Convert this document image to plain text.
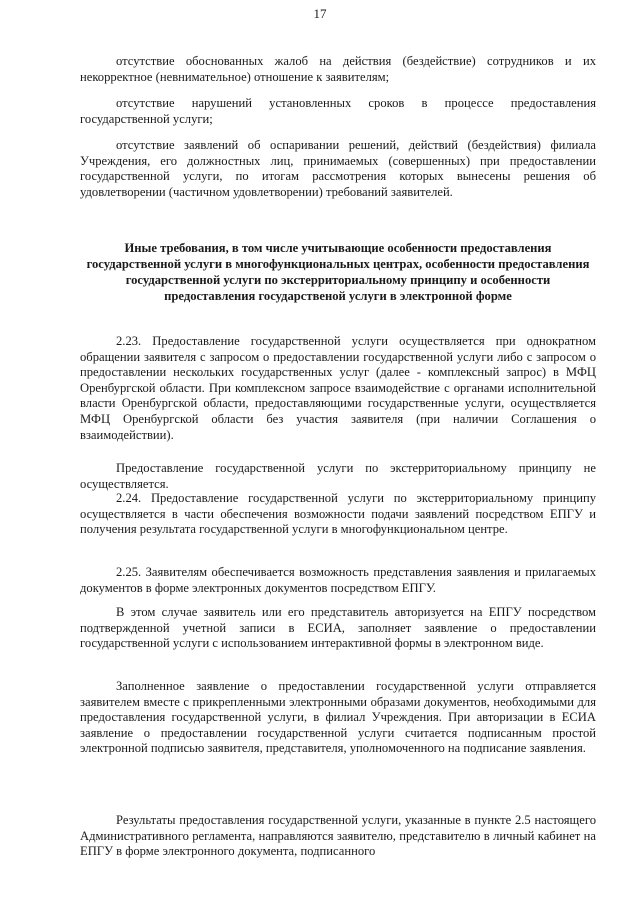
17

отсутствие обоснованных жалоб на действия (бездействие) сотрудников и их некорректное (невнимательное) отношение к заявителям;

отсутствие нарушений установленных сроков в процессе предоставления государственной услуги;

отсутствие заявлений об оспаривании решений, действий (бездействия) филиала Учреждения, его должностных лиц, принимаемых (совершенных) при предоставлении государственной услуги, по итогам рассмотрения которых вынесены решения об удовлетворении (частичном удовлетворении) требований заявителей.

Иные требования, в том числе учитывающие особенности предоставления государственной услуги в многофункциональных центрах, особенности предоставления государственной услуги по экстерриториальному принципу и особенности предоставления государственой услуги в электронной форме

2.23. Предоставление государственной услуги осуществляется при однократном обращении заявителя с запросом о предоставлении государственной услуги либо с запросом о предоставлении нескольких государственных услуг (далее - комплексный запрос) в МФЦ Оренбургской области. При комплексном запросе взаимодействие с органами исполнительной власти Оренбургской области, предоставляющими государственные услуги, осуществляется МФЦ Оренбургской области без участия заявителя (при наличии Соглашения о взаимодействии).

Предоставление государственной услуги по экстерриториальному принципу не осуществляется.

2.24. Предоставление государственной услуги по экстерриториальному принципу осуществляется в части обеспечения возможности подачи заявлений посредством ЕПГУ и получения результата государственной услуги в многофункциональном центре.

2.25. Заявителям обеспечивается возможность представления заявления и прилагаемых документов в форме электронных документов посредством ЕПГУ.

В этом случае заявитель или его представитель авторизуется на ЕПГУ посредством подтвержденной учетной записи в ЕСИА, заполняет заявление о предоставлении государственной услуги с использованием интерактивной формы в электронном виде.

Заполненное заявление о предоставлении государственной услуги отправляется заявителем вместе с прикрепленными электронными образами документов, необходимыми для предоставления государственной услуги, в филиал Учреждения. При авторизации в ЕСИА заявление о предоставлении государственной услуги считается подписанным простой электронной подписью заявителя, представителя, уполномоченного на подписание заявления.

Результаты предоставления государственной услуги, указанные в пункте 2.5 настоящего Административного регламента, направляются заявителю, представителю в личный кабинет на ЕПГУ в форме электронного документа, подписанного
